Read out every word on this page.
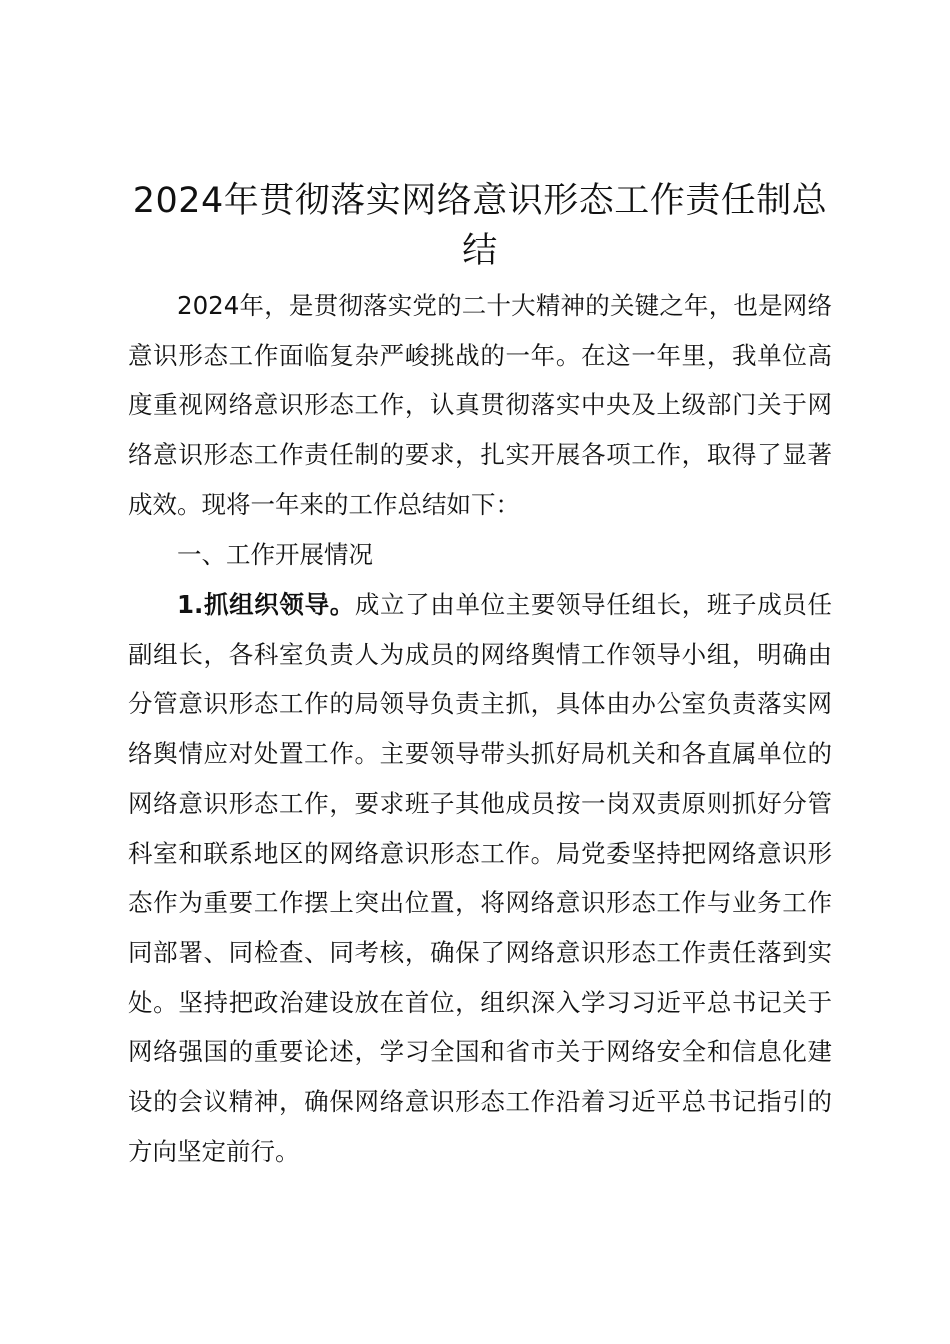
2024年贯彻落实网络意识形态工作责任制总结

2024年，是贯彻落实党的二十大精神的关键之年，也是网络意识形态工作面临复杂严峻挑战的一年。在这一年里，我单位高度重视网络意识形态工作，认真贯彻落实中央及上级部门关于网络意识形态工作责任制的要求，扎实开展各项工作，取得了显著成效。现将一年来的工作总结如下：

一、工作开展情况

1.抓组织领导。成立了由单位主要领导任组长，班子成员任副组长，各科室负责人为成员的网络舆情工作领导小组，明确由分管意识形态工作的局领导负责主抓，具体由办公室负责落实网络舆情应对处置工作。主要领导带头抓好局机关和各直属单位的网络意识形态工作，要求班子其他成员按一岗双责原则抓好分管科室和联系地区的网络意识形态工作。局党委坚持把网络意识形态作为重要工作摆上突出位置，将网络意识形态工作与业务工作同部署、同检查、同考核，确保了网络意识形态工作责任落到实处。坚持把政治建设放在首位，组织深入学习习近平总书记关于网络强国的重要论述，学习全国和省市关于网络安全和信息化建设的会议精神，确保网络意识形态工作沿着习近平总书记指引的方向坚定前行。
